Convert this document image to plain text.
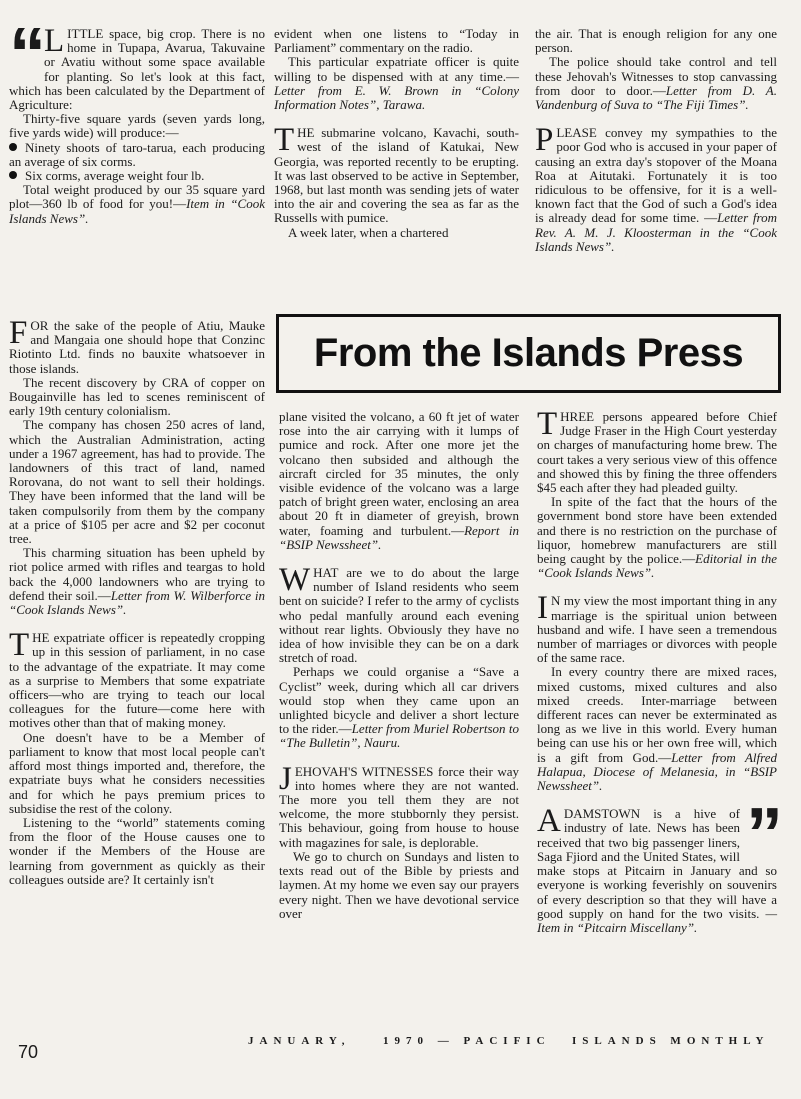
“ LITTLE space, big crop. There is no home in Tupapa, Avarua, Takuvaine or Avatiu without some space available for planting. So let's look at this fact, which has been calculated by the Department of Agriculture:

Thirty-five square yards (seven yards long, five yards wide) will produce:—

Ninety shoots of taro-tarua, each producing an average of six corms.

Six corms, average weight four lb.

Total weight produced by our 35 square yard plot—360 lb of food for you!—Item in “Cook Islands News”.

FOR the sake of the people of Atiu, Mauke and Mangaia one should hope that Conzinc Riotinto Ltd. finds no bauxite whatsoever in those islands.

The recent discovery by CRA of copper on Bougainville has led to scenes reminiscent of early 19th century colonialism.

The company has chosen 250 acres of land, which the Australian Administration, acting under a 1967 agreement, has had to provide. The landowners of this tract of land, named Rorovana, do not want to sell their holdings. They have been informed that the land will be taken compulsorily from them by the company at a price of $105 per acre and $2 per coconut tree.

This charming situation has been upheld by riot police armed with rifles and teargas to hold back the 4,000 landowners who are trying to defend their soil.—Letter from W. Wilberforce in “Cook Islands News”.

THE expatriate officer is repeatedly cropping up in this session of parliament, in no case to the advantage of the expatriate. It may come as a surprise to Members that some expatriate officers—who are trying to teach our local colleagues for the future—come here with motives other than that of making money.

One doesn't have to be a Member of parliament to know that most local people can't afford most things imported and, therefore, the expatriate buys what he considers necessities and for which he pays premium prices to subsidise the rest of the colony.

Listening to the “world” statements coming from the floor of the House causes one to wonder if the Members of the House are learning from government as quickly as their colleagues outside are? It certainly isn't

evident when one listens to “Today in Parliament” commentary on the radio.

This particular expatriate officer is quite willing to be dispensed with at any time.—Letter from E. W. Brown in “Colony Information Notes”, Tarawa.

THE submarine volcano, Kavachi, south-west of the island of Katukai, New Georgia, was reported recently to be erupting. It was last observed to be active in September, 1968, but last month was sending jets of water into the air and covering the sea as far as the Russells with pumice.

A week later, when a chartered

the air. That is enough religion for any one person.

The police should take control and tell these Jehovah's Witnesses to stop canvassing from door to door.—Letter from D. A. Vandenburg of Suva to “The Fiji Times”.

PLEASE convey my sympathies to the poor God who is accused in your paper of causing an extra day's stopover of the Moana Roa at Aitutaki. Fortunately it is too ridiculous to be offensive, for it is a well-known fact that the God of such a God's idea is already dead for some time. —Letter from Rev. A. M. J. Kloosterman in the “Cook Islands News”.

From the Islands Press

plane visited the volcano, a 60 ft jet of water rose into the air carrying with it lumps of pumice and rock. After one more jet the volcano then subsided and although the aircraft circled for 35 minutes, the only visible evidence of the volcano was a large patch of bright green water, enclosing an area about 20 ft in diameter of greyish, brown water, foaming and turbulent.—Report in “BSIP Newssheet”.

WHAT are we to do about the large number of Island residents who seem bent on suicide? I refer to the army of cyclists who pedal manfully around each evening without rear lights. Obviously they have no idea of how invisible they can be on a dark stretch of road.

Perhaps we could organise a “Save a Cyclist” week, during which all car drivers would stop when they came upon an unlighted bicycle and deliver a short lecture to the rider.—Letter from Muriel Robertson to “The Bulletin”, Nauru.

JEHOVAH'S WITNESSES force their way into homes where they are not wanted. The more you tell them they are not welcome, the more stubbornly they persist. This behaviour, going from house to house with magazines for sale, is deplorable.

We go to church on Sundays and listen to texts read out of the Bible by priests and laymen. At my home we even say our prayers every night. Then we have devotional service over

THREE persons appeared before Chief Judge Fraser in the High Court yesterday on charges of manufacturing home brew. The court takes a very serious view of this offence and showed this by fining the three offenders $45 each after they had pleaded guilty.

In spite of the fact that the hours of the government bond store have been extended and there is no restriction on the purchase of liquor, homebrew manufacturers are still being caught by the police.—Editorial in the “Cook Islands News”.

I N my view the most important thing in any marriage is the spiritual union between husband and wife. I have seen a tremendous number of marriages or divorces with people of the same race.

In every country there are mixed races, mixed customs, mixed cultures and also mixed creeds. Inter-marriage between different races can never be exterminated as long as we live in this world. Every human being can use his or her own free will, which is a gift from God.—Letter from Alfred Halapua, Diocese of Melanesia, in “BSIP Newssheet”.

”

ADAMSTOWN is a hive of industry of late. News has been received that two big passenger liners, Saga Fjiord and the United States, will make stops at Pitcairn in January and so everyone is working feverishly on souvenirs of every description so that they will have a good supply on hand for the two visits. —Item in “Pitcairn Miscellany”.

70
JANUARY,	1970 — PACIFIC ISLANDS MONTHLY
